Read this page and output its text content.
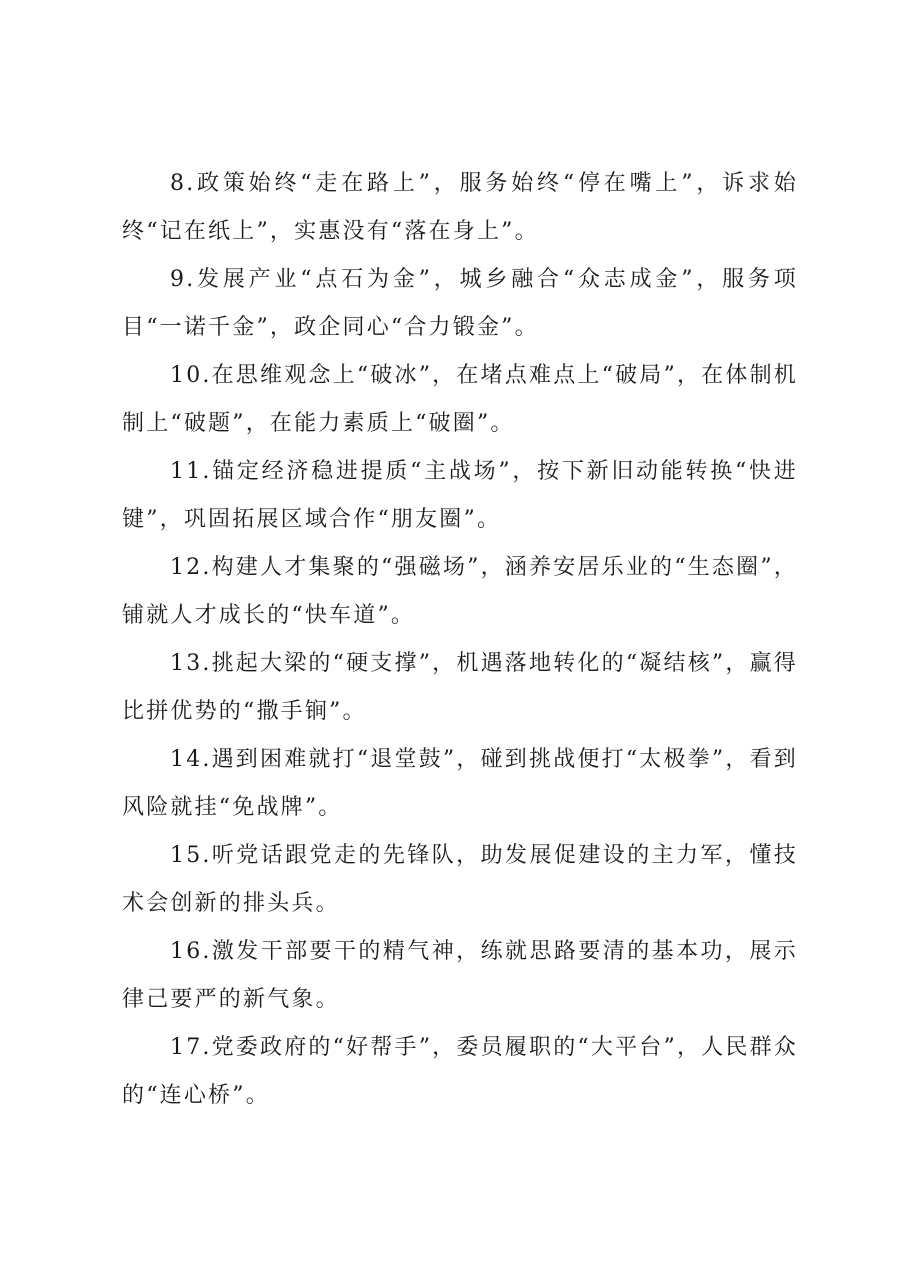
8.政策始终“走在路上”，服务始终“停在嘴上”，诉求始终“记在纸上”，实惠没有“落在身上”。

9.发展产业“点石为金”，城乡融合“众志成金”，服务项目“一诺千金”，政企同心“合力锻金”。

10.在思维观念上“破冰”，在堵点难点上“破局”，在体制机制上“破题”，在能力素质上“破圈”。

11.锚定经济稳进提质“主战场”，按下新旧动能转换“快进键”，巩固拓展区域合作“朋友圈”。

12.构建人才集聚的“强磁场”，涵养安居乐业的“生态圈”，铺就人才成长的“快车道”。

13.挑起大梁的“硬支撑”，机遇落地转化的“凝结核”，赢得比拼优势的“撒手锏”。

14.遇到困难就打“退堂鼓”，碰到挑战便打“太极拳”，看到风险就挂“免战牌”。

15.听党话跟党走的先锋队，助发展促建设的主力军，懂技术会创新的排头兵。

16.激发干部要干的精气神，练就思路要清的基本功，展示律己要严的新气象。

17.党委政府的“好帮手”，委员履职的“大平台”，人民群众的“连心桥”。
